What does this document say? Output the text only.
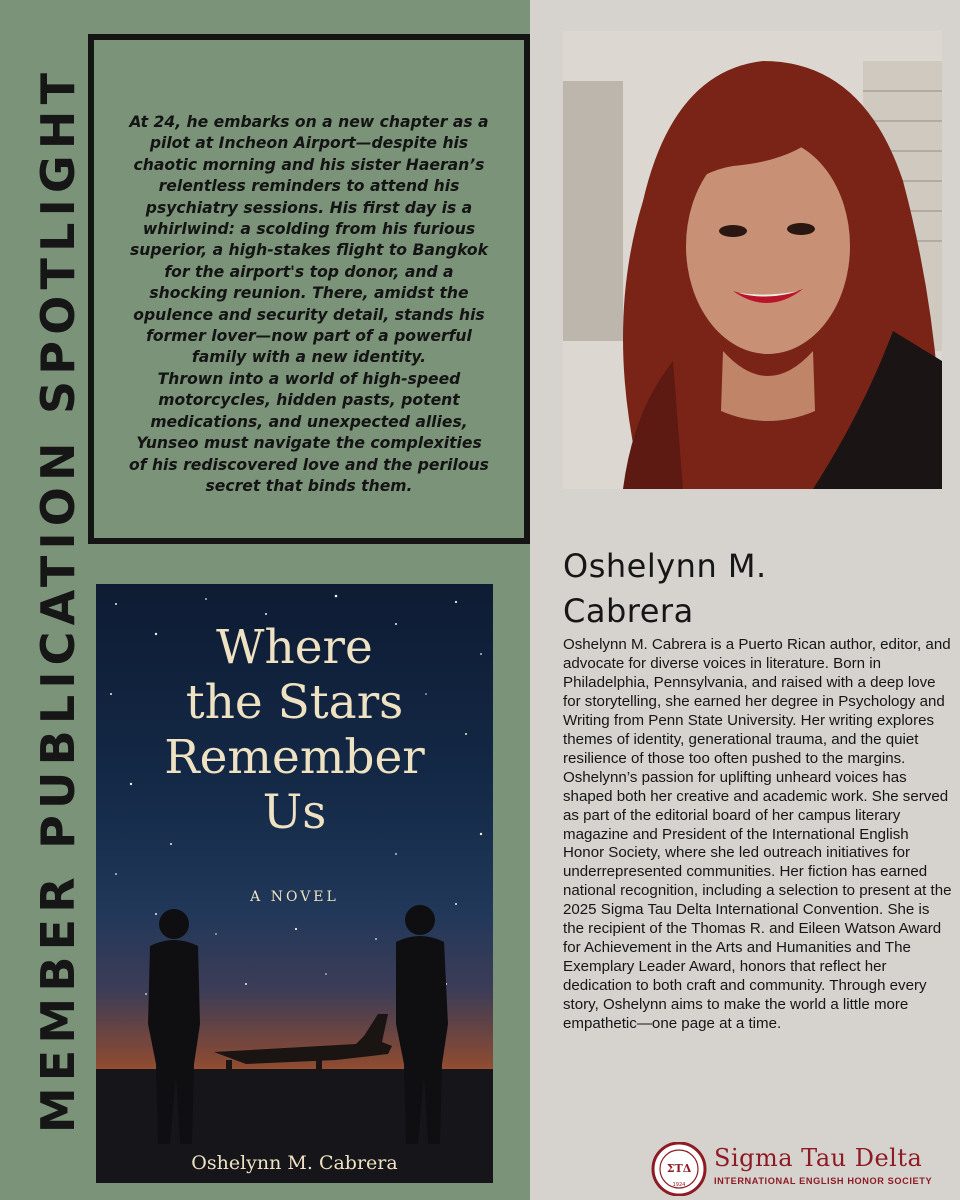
MEMBER PUBLICATION SPOTLIGHT	At 24, he embarks on a new chapter as a
pilot at Incheon Airport—despite his
chaotic morning and his sister Haeran’s
relentless reminders to attend his
psychiatry sessions. His first day is a
whirlwind: a scolding from his furious
superior, a high-stakes flight to Bangkok
for the airport's top donor, and a
shocking reunion. There, amidst the
opulence and security detail, stands his
former lover—now part of a powerful
family with a new identity.
Thrown into a world of high-speed
motorcycles, hidden pasts, potent
medications, and unexpected allies,
Yunseo must navigate the complexities
of his rediscovered love and the perilous
secret that binds them.

Where
the Stars
Remember
Us
A NOVEL
Oshelynn M. Cabrera
Oshelynn M.
Cabrera

Oshelynn M. Cabrera is a Puerto Rican author, editor, and advocate for diverse voices in literature. Born in Philadelphia, Pennsylvania, and raised with a deep love for storytelling, she earned her degree in Psychology and Writing from Penn State University. Her writing explores themes of identity, generational trauma, and the quiet resilience of those too often pushed to the margins. Oshelynn’s passion for uplifting unheard voices has shaped both her creative and academic work. She served as part of the editorial board of her campus literary magazine and President of the International English Honor Society, where she led outreach initiatives for underrepresented communities. Her fiction has earned national recognition, including a selection to present at the 2025 Sigma Tau Delta International Convention. She is the recipient of the Thomas R. and Eileen Watson Award for Achievement in the Arts and Humanities and The Exemplary Leader Award, honors that reflect her dedication to both craft and community. Through every story, Oshelynn aims to make the world a little more empathetic—one page at a time.

ΣΤΔ
1924
Sigma Tau Delta
INTERNATIONAL ENGLISH HONOR SOCIETY
